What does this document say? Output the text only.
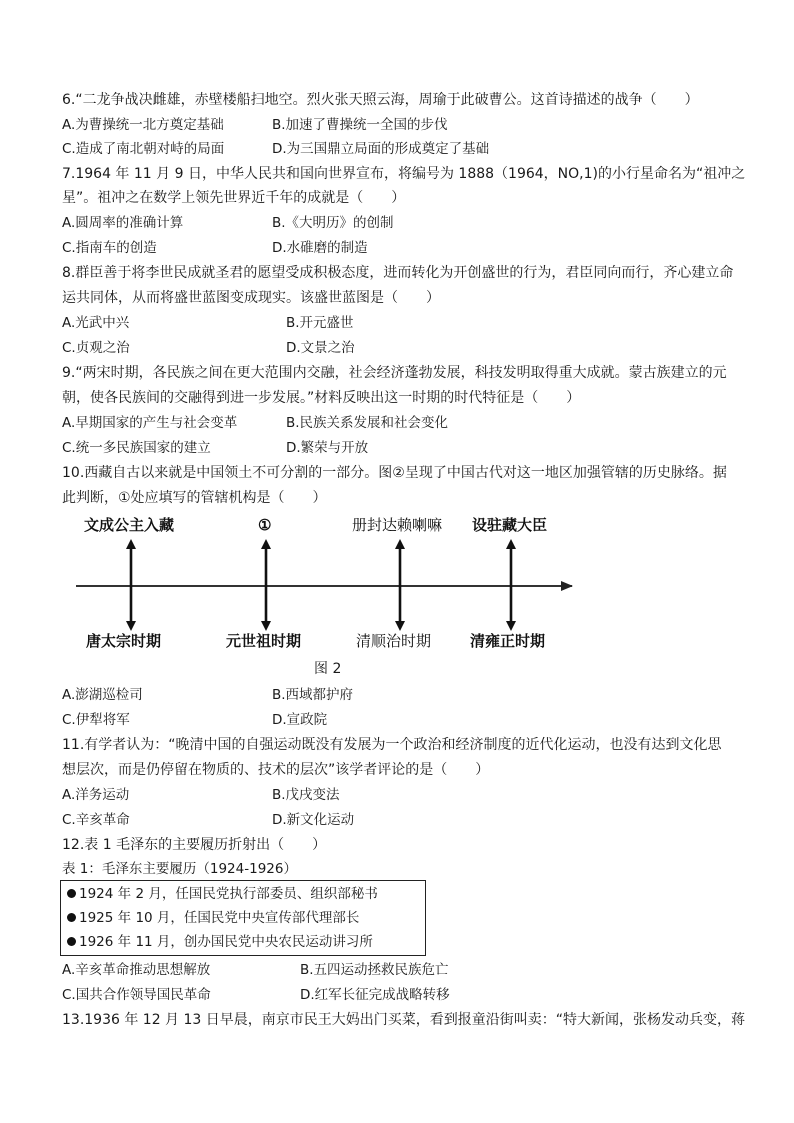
6.“二龙争战决雌雄，赤壁楼船扫地空。烈火张天照云海，周瑜于此破曹公。这首诗描述的战争（　　）
A.为曹操统一北方奠定基础	B.加速了曹操统一全国的步伐
C.造成了南北朝对峙的局面	D.为三国鼎立局面的形成奠定了基础
7.1964 年 11 月 9 日，中华人民共和国向世界宣布，将编号为 1888（1964，NO,1)的小行星命名为“祖冲之
星”。祖冲之在数学上领先世界近千年的成就是（　　）
A.圆周率的准确计算	B.《大明历》的创制
C.指南车的创造	D.水碓磨的制造
8.群臣善于将李世民成就圣君的愿望受成积极态度，进而转化为开创盛世的行为，君臣同向而行，齐心建立命
运共同体，从而将盛世蓝图变成现实。该盛世蓝图是（　　）
A.光武中兴	B.开元盛世
C.贞观之治	D.文景之治
9.“两宋时期，各民族之间在更大范围内交融，社会经济蓬勃发展，科技发明取得重大成就。蒙古族建立的元
朝，使各民族间的交融得到进一步发展。”材料反映出这一时期的时代特征是（　　）
A.早期国家的产生与社会变革	B.民族关系发展和社会变化
C.统一多民族国家的建立	D.繁荣与开放
10.西藏自古以来就是中国领土不可分割的一部分。图②呈现了中国古代对这一地区加强管辖的历史脉络。据
此判断，①处应填写的管辖机构是（　　）
文成公主入藏	①	册封达赖喇嘛 设驻藏大臣
唐太宗时期	元世祖时期	清顺治时期	清雍正时期
图 2
A.澎湖巡检司	B.西域都护府
C.伊犁将军	D.宣政院
11.有学者认为：“晚清中国的自强运动既没有发展为一个政治和经济制度的近代化运动，也没有达到文化思
想层次，而是仍停留在物质的、技术的层次”该学者评论的是（　　）
A.洋务运动	B.戊戌变法
C.辛亥革命	D.新文化运动
12.表 1 毛泽东的主要履历折射出（　　）
表 1：毛泽东主要履历（1924-1926）
1924 年 2 月，任国民党执行部委员、组织部秘书
1925 年 10 月，任国民党中央宣传部代理部长
1926 年 11 月，创办国民党中央农民运动讲习所
A.辛亥革命推动思想解放	B.五四运动拯救民族危亡
C.国共合作领导国民革命	D.红军长征完成战略转移
13.1936 年 12 月 13 日早晨，南京市民王大妈出门买菜，看到报童沿街叫卖：“特大新闻，张杨发动兵变，蒋
